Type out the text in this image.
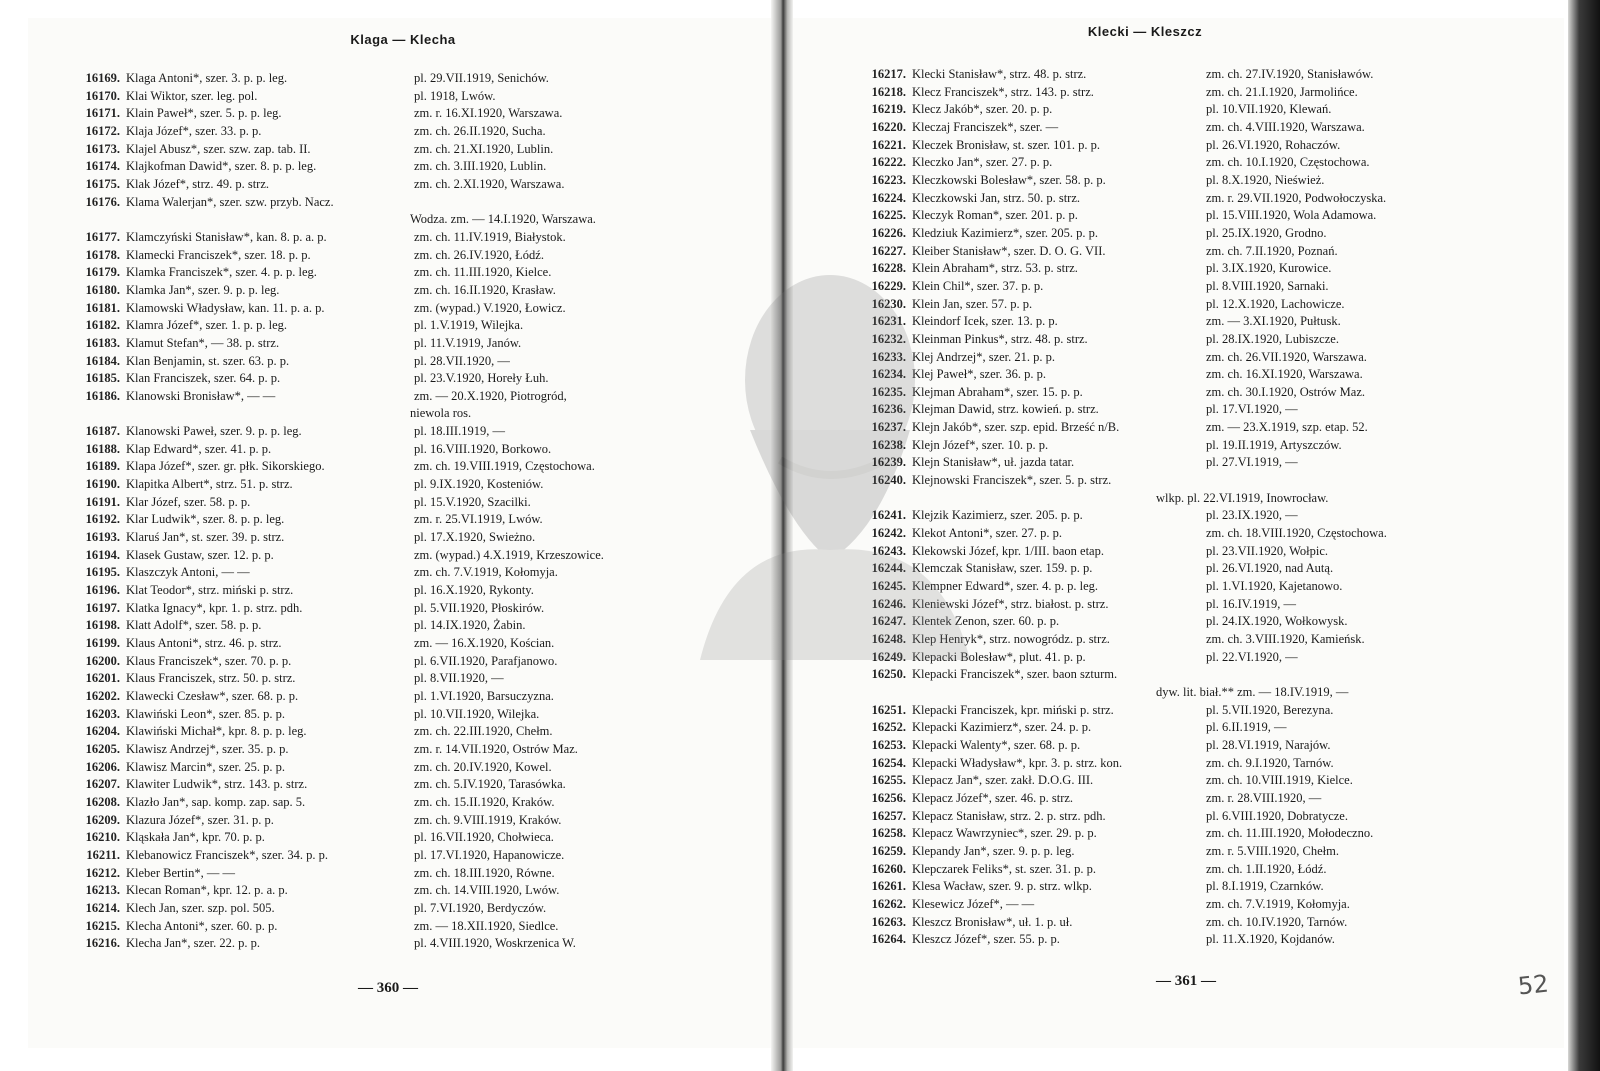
Klaga — Klecha
16169. Klaga Antoni*, szer. 3. p. p. leg.	pl. 29.VII.1919, Senichów.
16170. Klai Wiktor, szer. leg. pol.	pl. 1918, Lwów.
16171. Klain Paweł*, szer. 5. p. p. leg.	zm. r. 16.XI.1920, Warszawa.
16172. Klaja Józef*, szer. 33. p. p.	zm. ch. 26.II.1920, Sucha.
16173. Klajel Abusz*, szer. szw. zap. tab. II.	zm. ch. 21.XI.1920, Lublin.
16174. Klajkofman Dawid*, szer. 8. p. p. leg.	zm. ch. 3.III.1920, Lublin.
16175. Klak Józef*, strz. 49. p. strz.	zm. ch. 2.XI.1920, Warszawa.
16176. Klama Walerjan*, szer. szw. przyb. Nacz.
Wodza. zm. — 14.I.1920, Warszawa.
16177. Klamczyński Stanisław*, kan. 8. p. a. p.	zm. ch. 11.IV.1919, Białystok.
16178. Klamecki Franciszek*, szer. 18. p. p.	zm. ch. 26.IV.1920, Łódź.
16179. Klamka Franciszek*, szer. 4. p. p. leg.	zm. ch. 11.III.1920, Kielce.
16180. Klamka Jan*, szer. 9. p. p. leg.	zm. ch. 16.II.1920, Krasław.
16181. Klamowski Władysław, kan. 11. p. a. p.	zm. (wypad.) V.1920, Łowicz.
16182. Klamra Józef*, szer. 1. p. p. leg.	pl. 1.V.1919, Wilejka.
16183. Klamut Stefan*, — 38. p. strz.	pl. 11.V.1919, Janów.
16184. Klan Benjamin, st. szer. 63. p. p.	pl. 28.VII.1920, —
16185. Klan Franciszek, szer. 64. p. p.	pl. 23.V.1920, Horeły Łuh.
16186. Klanowski Bronisław*, — —	zm. — 20.X.1920, Piotrogród,
niewola ros.
16187. Klanowski Paweł, szer. 9. p. p. leg.	pl. 18.III.1919, —
16188. Klap Edward*, szer. 41. p. p.	pl. 16.VIII.1920, Borkowo.
16189. Klapa Józef*, szer. gr. płk. Sikorskiego.	zm. ch. 19.VIII.1919, Częstochowa.
16190. Klapitka Albert*, strz. 51. p. strz.	pl. 9.IX.1920, Kosteniów.
16191. Klar Józef, szer. 58. p. p.	pl. 15.V.1920, Szacilki.
16192. Klar Ludwik*, szer. 8. p. p. leg.	zm. r. 25.VI.1919, Lwów.
16193. Klaruś Jan*, st. szer. 39. p. strz.	pl. 17.X.1920, Swieżno.
16194. Klasek Gustaw, szer. 12. p. p.	zm. (wypad.) 4.X.1919, Krzeszowice.
16195. Klaszczyk Antoni, — —	zm. ch. 7.V.1919, Kołomyja.
16196. Klat Teodor*, strz. miński p. strz.	pl. 16.X.1920, Rykonty.
16197. Klatka Ignacy*, kpr. 1. p. strz. pdh.	pl. 5.VII.1920, Płoskirów.
16198. Klatt Adolf*, szer. 58. p. p.	pl. 14.IX.1920, Żabin.
16199. Klaus Antoni*, strz. 46. p. strz.	zm. — 16.X.1920, Kościan.
16200. Klaus Franciszek*, szer. 70. p. p.	pl. 6.VII.1920, Parafjanowo.
16201. Klaus Franciszek, strz. 50. p. strz.	pl. 8.VII.1920, —
16202. Klawecki Czesław*, szer. 68. p. p.	pl. 1.VI.1920, Barsuczyzna.
16203. Klawiński Leon*, szer. 85. p. p.	pl. 10.VII.1920, Wilejka.
16204. Klawiński Michał*, kpr. 8. p. p. leg.	zm. ch. 22.III.1920, Chełm.
16205. Klawisz Andrzej*, szer. 35. p. p.	zm. r. 14.VII.1920, Ostrów Maz.
16206. Klawisz Marcin*, szer. 25. p. p.	zm. ch. 20.IV.1920, Kowel.
16207. Klawiter Ludwik*, strz. 143. p. strz.	zm. ch. 5.IV.1920, Tarasówka.
16208. Klazło Jan*, sap. komp. zap. sap. 5.	zm. ch. 15.II.1920, Kraków.
16209. Klazura Józef*, szer. 31. p. p.	zm. ch. 9.VIII.1919, Kraków.
16210. Kląskała Jan*, kpr. 70. p. p.	pl. 16.VII.1920, Chołwieca.
16211. Klebanowicz Franciszek*, szer. 34. p. p.	pl. 17.VI.1920, Hapanowicze.
16212. Kleber Bertin*, — —	zm. ch. 18.III.1920, Równe.
16213. Klecan Roman*, kpr. 12. p. a. p.	zm. ch. 14.VIII.1920, Lwów.
16214. Klech Jan, szer. szp. pol. 505.	pl. 7.VI.1920, Berdyczów.
16215. Klecha Antoni*, szer. 60. p. p.	zm. — 18.XII.1920, Siedlce.
16216. Klecha Jan*, szer. 22. p. p.	pl. 4.VIII.1920, Woskrzenica W.
— 360 —
Klecki — Kleszcz
16217. Klecki Stanisław*, strz. 48. p. strz.	zm. ch. 27.IV.1920, Stanisławów.
16218. Klecz Franciszek*, strz. 143. p. strz.	zm. ch. 21.I.1920, Jarmolińce.
16219. Klecz Jakób*, szer. 20. p. p.	pl. 10.VII.1920, Klewań.
16220. Kleczaj Franciszek*, szer. —	zm. ch. 4.VIII.1920, Warszawa.
16221. Kleczek Bronisław, st. szer. 101. p. p.	pl. 26.VI.1920, Rohaczów.
16222. Kleczko Jan*, szer. 27. p. p.	zm. ch. 10.I.1920, Częstochowa.
16223. Kleczkowski Bolesław*, szer. 58. p. p.	pl. 8.X.1920, Nieśwież.
16224. Kleczkowski Jan, strz. 50. p. strz.	zm. r. 29.VII.1920, Podwołoczyska.
16225. Kleczyk Roman*, szer. 201. p. p.	pl. 15.VIII.1920, Wola Adamowa.
16226. Kledziuk Kazimierz*, szer. 205. p. p.	pl. 25.IX.1920, Grodno.
16227. Kleiber Stanisław*, szer. D. O. G. VII.	zm. ch. 7.II.1920, Poznań.
16228. Klein Abraham*, strz. 53. p. strz.	pl. 3.IX.1920, Kurowice.
16229. Klein Chil*, szer. 37. p. p.	pl. 8.VIII.1920, Sarnaki.
16230. Klein Jan, szer. 57. p. p.	pl. 12.X.1920, Lachowicze.
16231. Kleindorf Icek, szer. 13. p. p.	zm. — 3.XI.1920, Pułtusk.
16232. Kleinman Pinkus*, strz. 48. p. strz.	pl. 28.IX.1920, Lubiszcze.
16233. Klej Andrzej*, szer. 21. p. p.	zm. ch. 26.VII.1920, Warszawa.
16234. Klej Paweł*, szer. 36. p. p.	zm. ch. 16.XI.1920, Warszawa.
16235. Klejman Abraham*, szer. 15. p. p.	zm. ch. 30.I.1920, Ostrów Maz.
16236. Klejman Dawid, strz. kowień. p. strz.	pl. 17.VI.1920, —
16237. Klejn Jakób*, szer. szp. epid. Brześć n/B.	zm. — 23.X.1919, szp. etap. 52.
16238. Klejn Józef*, szer. 10. p. p.	pl. 19.II.1919, Artyszczów.
16239. Klejn Stanisław*, uł. jazda tatar.	pl. 27.VI.1919, —
16240. Klejnowski Franciszek*, szer. 5. p. strz.
wlkp. pl. 22.VI.1919, Inowrocław.
16241. Klejzik Kazimierz, szer. 205. p. p.	pl. 23.IX.1920, —
16242. Klekot Antoni*, szer. 27. p. p.	zm. ch. 18.VIII.1920, Częstochowa.
16243. Klekowski Józef, kpr. 1/III. baon etap.	pl. 23.VII.1920, Wołpic.
16244. Klemczak Stanisław, szer. 159. p. p.	pl. 26.VI.1920, nad Autą.
16245. Klempner Edward*, szer. 4. p. p. leg.	pl. 1.VI.1920, Kajetanowo.
16246. Kleniewski Józef*, strz. białost. p. strz.	pl. 16.IV.1919, —
16247. Klentek Zenon, szer. 60. p. p.	pl. 24.IX.1920, Wołkowysk.
16248. Klep Henryk*, strz. nowogródz. p. strz.	zm. ch. 3.VIII.1920, Kamieńsk.
16249. Klepacki Bolesław*, plut. 41. p. p.	pl. 22.VI.1920, —
16250. Klepacki Franciszek*, szer. baon szturm.
dyw. lit. biał.** zm. — 18.IV.1919, —
16251. Klepacki Franciszek, kpr. miński p. strz.	pl. 5.VII.1920, Berezyna.
16252. Klepacki Kazimierz*, szer. 24. p. p.	pl. 6.II.1919, —
16253. Klepacki Walenty*, szer. 68. p. p.	pl. 28.VI.1919, Narajów.
16254. Klepacki Władysław*, kpr. 3. p. strz. kon.	zm. ch. 9.I.1920, Tarnów.
16255. Klepacz Jan*, szer. zakł. D.O.G. III.	zm. ch. 10.VIII.1919, Kielce.
16256. Klepacz Józef*, szer. 46. p. strz.	zm. r. 28.VIII.1920, —
16257. Klepacz Stanisław, strz. 2. p. strz. pdh.	pl. 6.VIII.1920, Dobratycze.
16258. Klepacz Wawrzyniec*, szer. 29. p. p.	zm. ch. 11.III.1920, Mołodeczno.
16259. Klepandy Jan*, szer. 9. p. p. leg.	zm. r. 5.VIII.1920, Chełm.
16260. Klepczarek Feliks*, st. szer. 31. p. p.	zm. ch. 1.II.1920, Łódź.
16261. Klesa Wacław, szer. 9. p. strz. wlkp.	pl. 8.I.1919, Czarnków.
16262. Klesewicz Józef*, — —	zm. ch. 7.V.1919, Kołomyja.
16263. Kleszcz Bronisław*, uł. 1. p. uł.	zm. ch. 10.IV.1920, Tarnów.
16264. Kleszcz Józef*, szer. 55. p. p.	pl. 11.X.1920, Kojdanów.
— 361 —	52
